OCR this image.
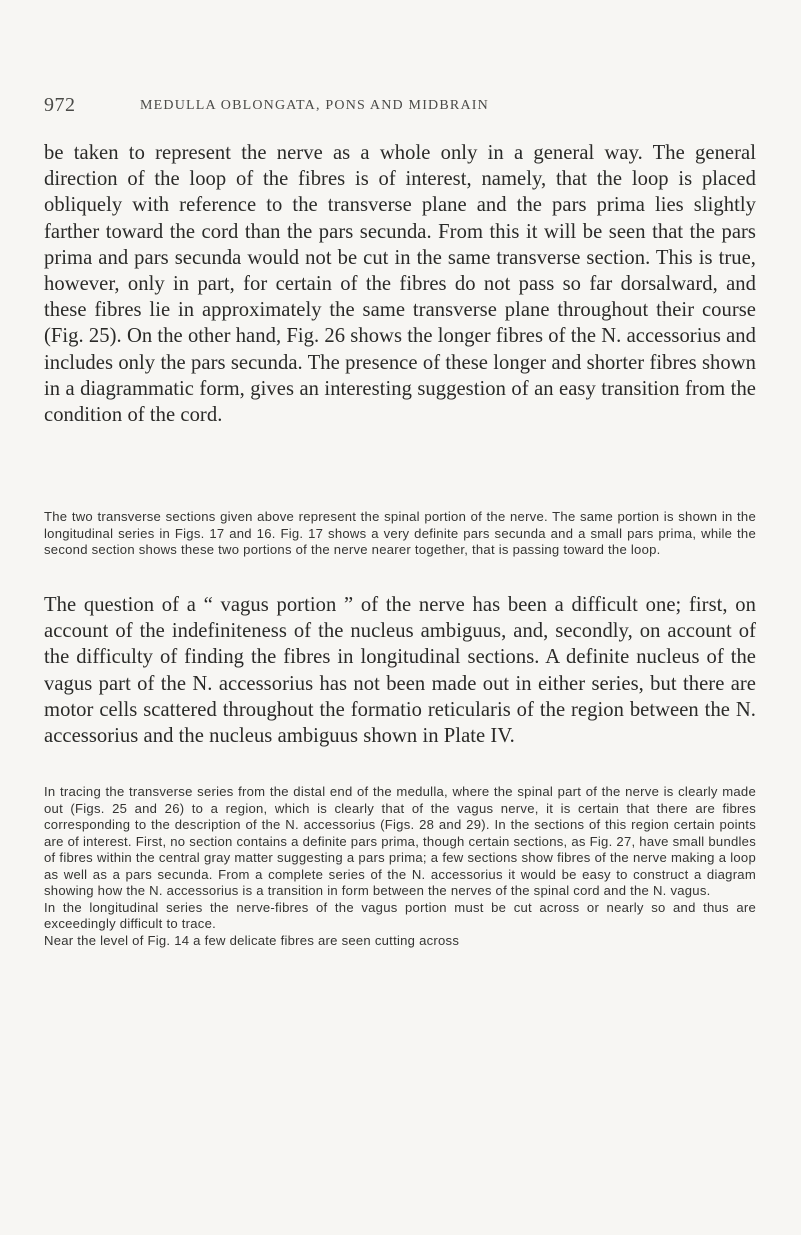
972	MEDULLA OBLONGATA, PONS AND MIDBRAIN

be taken to represent the nerve as a whole only in a general way. The general direction of the loop of the fibres is of interest, namely, that the loop is placed obliquely with reference to the transverse plane and the pars prima lies slightly farther toward the cord than the pars secunda. From this it will be seen that the pars prima and pars secunda would not be cut in the same transverse section. This is true, however, only in part, for certain of the fibres do not pass so far dorsalward, and these fibres lie in approximately the same transverse plane throughout their course (Fig. 25). On the other hand, Fig. 26 shows the longer fibres of the N. accessorius and includes only the pars secunda. The presence of these longer and shorter fibres shown in a diagrammatic form, gives an interesting suggestion of an easy transition from the condition of the cord.

The two transverse sections given above represent the spinal portion of the nerve. The same portion is shown in the longitudinal series in Figs. 17 and 16. Fig. 17 shows a very definite pars secunda and a small pars prima, while the second section shows these two portions of the nerve nearer together, that is passing toward the loop.

The question of a “ vagus portion ” of the nerve has been a difficult one; first, on account of the indefiniteness of the nucleus ambiguus, and, secondly, on account of the difficulty of finding the fibres in longitudinal sections. A definite nucleus of the vagus part of the N. accessorius has not been made out in either series, but there are motor cells scattered throughout the formatio reticularis of the region between the N. accessorius and the nucleus ambiguus shown in Plate IV.

In tracing the transverse series from the distal end of the medulla, where the spinal part of the nerve is clearly made out (Figs. 25 and 26) to a region, which is clearly that of the vagus nerve, it is certain that there are fibres corresponding to the description of the N. accessorius (Figs. 28 and 29). In the sections of this region certain points are of interest. First, no section contains a definite pars prima, though certain sections, as Fig. 27, have small bundles of fibres within the central gray matter suggesting a pars prima; a few sections show fibres of the nerve making a loop as well as a pars secunda. From a complete series of the N. accessorius it would be easy to construct a diagram showing how the N. accessorius is a transition in form between the nerves of the spinal cord and the N. vagus.

In the longitudinal series the nerve-fibres of the vagus portion must be cut across or nearly so and thus are exceedingly difficult to trace.

Near the level of Fig. 14 a few delicate fibres are seen cutting across
